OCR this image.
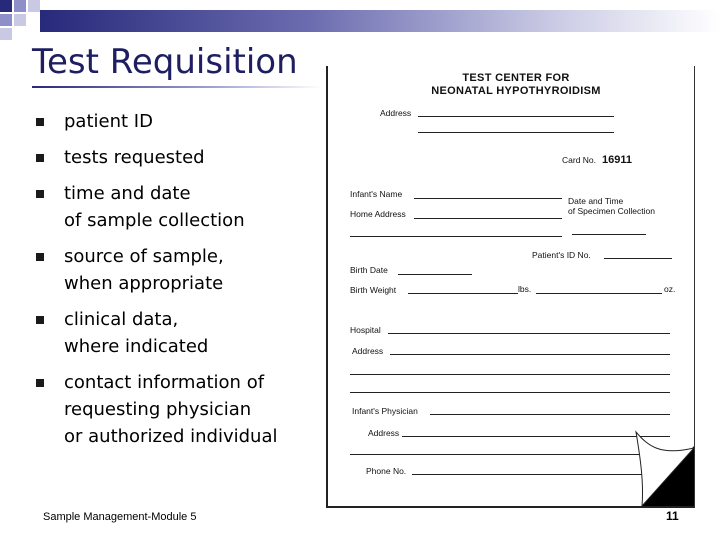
Test Requisition
patient ID
tests requested
time and date
of sample collection
source of sample,
when appropriate
clinical data,
where indicated
contact information of
requesting physician
or authorized individual
TEST CENTER FOR
NEONATAL HYPOTHYROIDISM
Address
Card No. 16911
Infant's Name
Home Address
Date and Time
of Specimen Collection
Patient's ID No.
Birth Date
Birth Weight	lbs.	oz.
Hospital
Address
Infant's Physician
Address
Phone No.
Sample Management-Module 5	11
